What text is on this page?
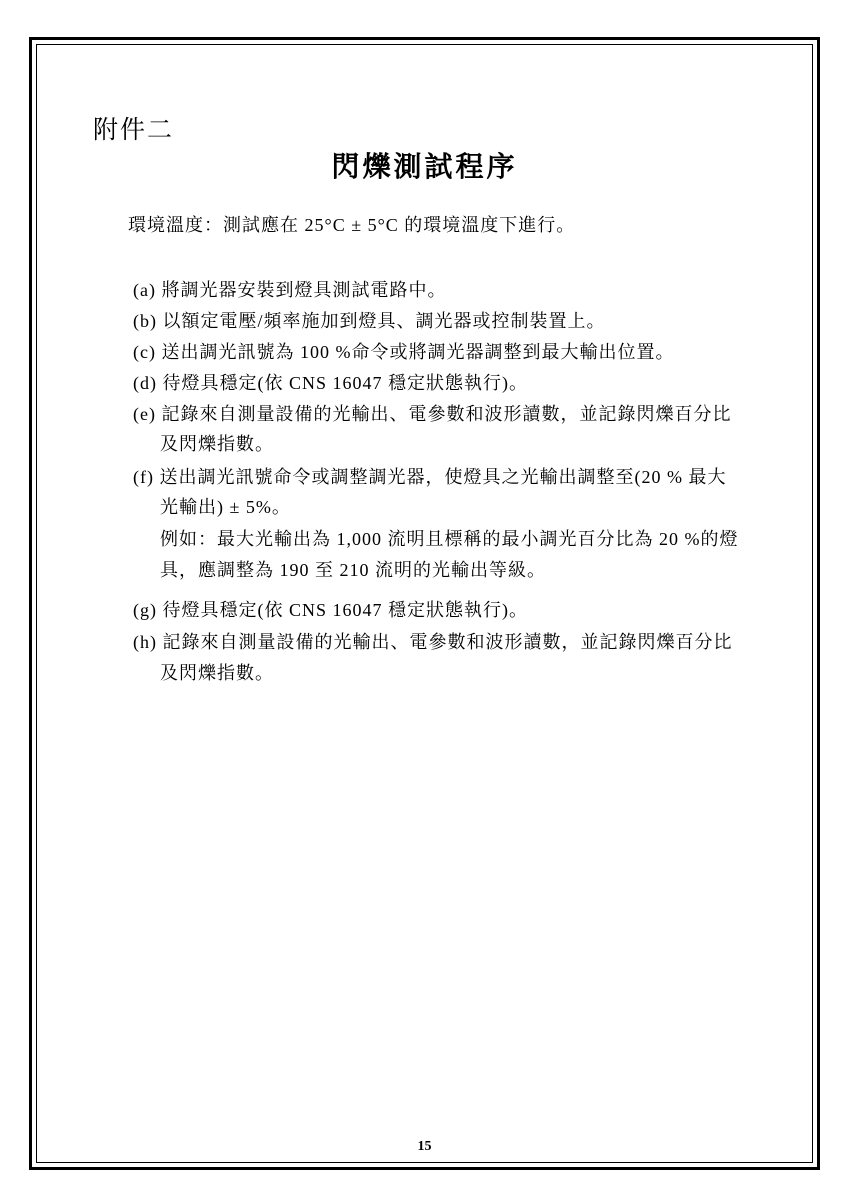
附件二
閃爍測試程序
環境溫度：測試應在 25°C ± 5°C 的環境溫度下進行。
(a) 將調光器安裝到燈具測試電路中。
(b) 以額定電壓/頻率施加到燈具、調光器或控制裝置上。
(c) 送出調光訊號為 100 %命令或將調光器調整到最大輸出位置。
(d) 待燈具穩定(依 CNS 16047 穩定狀態執行)。
(e) 記錄來自測量設備的光輸出、電參數和波形讀數，並記錄閃爍百分比
及閃爍指數。
(f) 送出調光訊號命令或調整調光器，使燈具之光輸出調整至(20 % 最大
光輸出) ± 5%。
例如：最大光輸出為 1,000 流明且標稱的最小調光百分比為 20 %的燈
具，應調整為 190 至 210 流明的光輸出等級。
(g) 待燈具穩定(依 CNS 16047 穩定狀態執行)。
(h) 記錄來自測量設備的光輸出、電參數和波形讀數，並記錄閃爍百分比
及閃爍指數。
15
